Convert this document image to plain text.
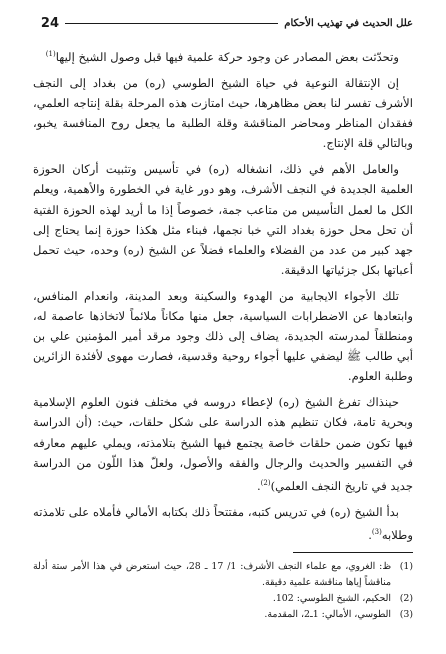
24	علل الحديث في تهذيب الأحكام

وتحدّثت بعض المصادر عن وجود حركة علمية فيها قبل وصول الشيخ إليها$^{(1)}$

إن الإنتقالة النوعية في حياة الشيخ الطوسي (ره) من بغداد إلى النجف الأشرف تفسر لنا بعض مظاهرها، حيث امتازت هذه المرحلة بقلة إنتاجه العلمي، ففقدان المناظر ومحاضر المناقشة وقلة الطلبة ما يجعل روح المنافسة يخبو، وبالتالي قلة الإنتاج.

والعامل الأهم في ذلك، انشغاله (ره) في تأسيس وتثبيت أركان الحوزة العلمية الجديدة في النجف الأشرف، وهو دور غاية في الخطورة والأهمية، ويعلم الكل ما لعمل التأسيس من متاعب جمة، خصوصاً إذا ما أريد لهذه الحوزة الفتية أن تحل محل حوزة بغداد التي خبا نجمها، فبناء مثل هكذا حوزة إنما يحتاج إلى جهد كبير من عدد من الفضلاء والعلماء فضلاً عن الشيخ (ره) وحده، حيث تحمل أعباتها بكل جزئياتها الدقيقة.

تلك الأجواء الايجابية من الهدوء والسكينة وبعد المدينة، وانعدام المنافس، وابتعادها عن الاضطرابات السياسية، جعل منها مكاناً ملائماً لاتخاذها عاصمة له، ومنطلقاً لمدرسته الجديدة، يضاف إلى ذلك وجود مرقد أمير المؤمنين علي بن أبي طالب ﷺ ليضفي عليها أجواء روحية وقدسية، فصارت مهوى لأفئدة الزائرين وطلبة العلوم.

حينذاك تفرغ الشيخ (ره) لإعطاء دروسه في مختلف فنون العلوم الإسلامية وبحرية تامة، فكان تنظيم هذه الدراسة على شكل حلقات، حيث: (أن الدراسة فيها تكون ضمن حلقات خاصة يجتمع فيها الشيخ بتلامذته، ويملي عليهم معارفه في التفسير والحديث والرجال والفقه والأصول، ولعلّ هذا اللّون من الدراسة جديد في تاريخ النجف العلمي)$^{(2)}$.

بدأ الشيخ (ره) في تدريس كتبه، مفتتحاً ذلك بكتابه الأمالي فأملاه على تلامذته وطلابه$^{(3)}$.

(1)
ظ: الغروي، مع علماء النجف الأشرف: 1/ 17 ـ 28، حيث استعرض في هذا الأمر ستة أدلة مناقشاً إياها مناقشة علمية دقيقة.
(2)
الحكيم، الشيخ الطوسي: 102.
(3)
الطوسي، الأمالي: 1ـ2، المقدمة.
